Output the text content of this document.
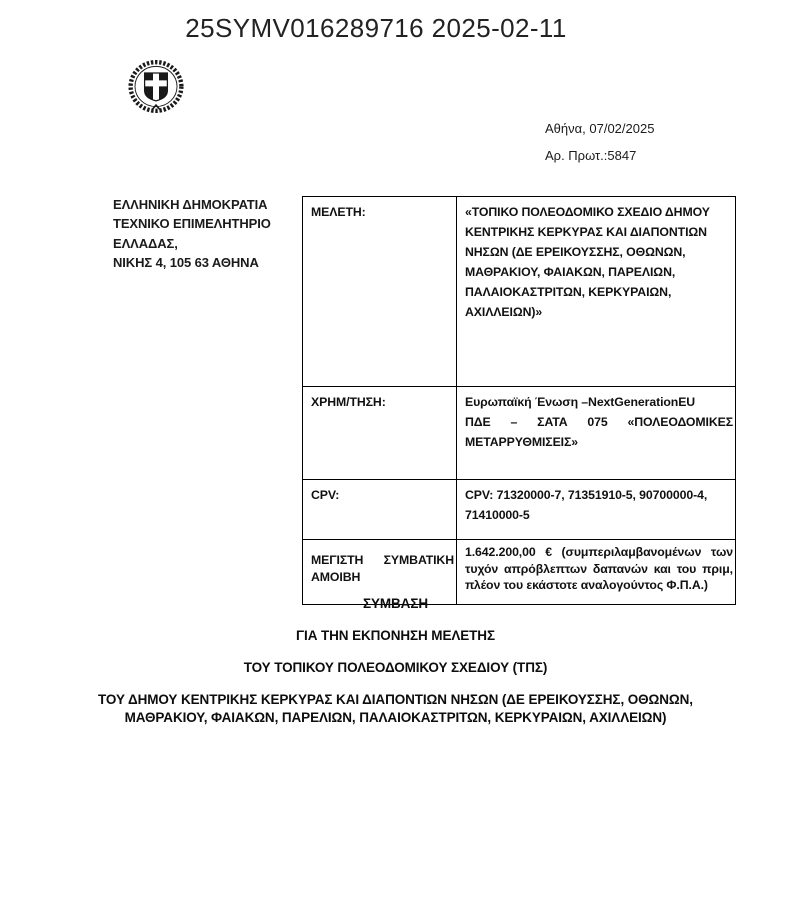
25SYMV016289716 2025-02-11
Αθήνα, 07/02/2025
Αρ. Πρωτ.:5847
ΕΛΛΗΝΙΚΗ ΔΗΜΟΚΡΑΤΙΑ
ΤΕΧΝΙΚΟ ΕΠΙΜΕΛΗΤΗΡΙΟ
ΕΛΛΑΔΑΣ,
ΝΙΚΗΣ 4, 105 63 ΑΘΗΝΑ
ΜΕΛΕΤΗ:	«ΤΟΠΙΚΟ ΠΟΛΕΟΔΟΜΙΚΟ ΣΧΕΔΙΟ ΔΗΜΟΥ ΚΕΝΤΡΙΚΗΣ ΚΕΡΚΥΡΑΣ ΚΑΙ ΔΙΑΠΟΝΤΙΩΝ ΝΗΣΩΝ (ΔΕ ΕΡΕΙΚΟΥΣΣΗΣ, ΟΘΩΝΩΝ, ΜΑΘΡΑΚΙΟΥ, ΦΑΙΑΚΩΝ, ΠΑΡΕΛΙΩΝ, ΠΑΛΑΙΟΚΑΣΤΡΙΤΩΝ, ΚΕΡΚΥΡΑΙΩΝ, ΑΧΙΛΛΕΙΩΝ)»

ΧΡΗΜ/ΤΗΣΗ:	Ευρωπαϊκή Ένωση –NextGenerationEU
ΠΔΕ – ΣΑΤΑ 075 «ΠΟΛΕΟΔΟΜΙΚΕΣ ΜΕΤΑΡΡΥΘΜΙΣΕΙΣ»

CPV:	CPV: 71320000-7, 71351910-5, 90700000-4, 71410000-5

ΜΕΓΙΣΤΗ ΣΥΜΒΑΤΙΚΗ
ΑΜΟΙΒΗ	1.642.200,00 € (συμπεριλαμβανομένων των τυχόν απρόβλεπτων δαπανών και του πριμ, πλέον του εκάστοτε αναλογούντος Φ.Π.Α.)
ΣΥΜΒΑΣΗ
ΓΙΑ ΤΗΝ ΕΚΠΟΝΗΣΗ ΜΕΛΕΤΗΣ
ΤΟΥ ΤΟΠΙΚΟΥ ΠΟΛΕΟΔΟΜΙΚΟΥ ΣΧΕΔΙΟΥ (ΤΠΣ)
ΤΟΥ ΔΗΜΟΥ ΚΕΝΤΡΙΚΗΣ ΚΕΡΚΥΡΑΣ ΚΑΙ ΔΙΑΠΟΝΤΙΩΝ ΝΗΣΩΝ (ΔΕ ΕΡΕΙΚΟΥΣΣΗΣ, ΟΘΩΝΩΝ, ΜΑΘΡΑΚΙΟΥ, ΦΑΙΑΚΩΝ, ΠΑΡΕΛΙΩΝ, ΠΑΛΑΙΟΚΑΣΤΡΙΤΩΝ, ΚΕΡΚΥΡΑΙΩΝ, ΑΧΙΛΛΕΙΩΝ)
